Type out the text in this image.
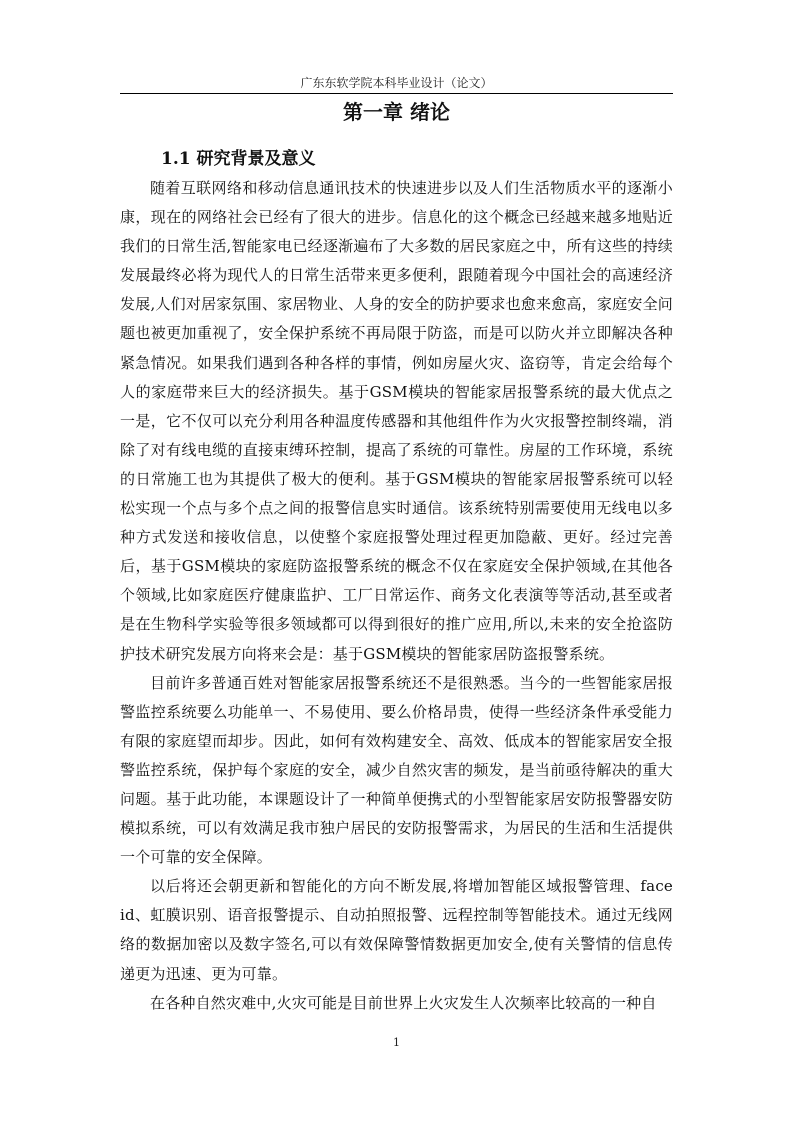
广东东软学院本科毕业设计（论文）
第一章 绪论
1.1 研究背景及意义

随着互联网络和移动信息通讯技术的快速进步以及人们生活物质水平的逐渐小康，现在的网络社会已经有了很大的进步。信息化的这个概念已经越来越多地贴近我们的日常生活,智能家电已经逐渐遍布了大多数的居民家庭之中，所有这些的持续发展最终必将为现代人的日常生活带来更多便利，跟随着现今中国社会的高速经济发展,人们对居家氛围、家居物业、人身的安全的防护要求也愈来愈高，家庭安全问题也被更加重视了，安全保护系统不再局限于防盗，而是可以防火并立即解决各种紧急情况。如果我们遇到各种各样的事情，例如房屋火灾、盗窃等，肯定会给每个人的家庭带来巨大的经济损失。基于GSM模块的智能家居报警系统的最大优点之一是，它不仅可以充分利用各种温度传感器和其他组件作为火灾报警控制终端，消除了对有线电缆的直接束缚环控制，提高了系统的可靠性。房屋的工作环境，系统的日常施工也为其提供了极大的便利。基于GSM模块的智能家居报警系统可以轻松实现一个点与多个点之间的报警信息实时通信。该系统特别需要使用无线电以多种方式发送和接收信息，以使整个家庭报警处理过程更加隐蔽、更好。经过完善后，基于GSM模块的家庭防盗报警系统的概念不仅在家庭安全保护领域,在其他各个领域,比如家庭医疗健康监护、工厂日常运作、商务文化表演等等活动,甚至或者是在生物科学实验等很多领域都可以得到很好的推广应用,所以,未来的安全抢盗防护技术研究发展方向将来会是：基于GSM模块的智能家居防盗报警系统。

目前许多普通百姓对智能家居报警系统还不是很熟悉。当今的一些智能家居报警监控系统要么功能单一、不易使用、要么价格昂贵，使得一些经济条件承受能力有限的家庭望而却步。因此，如何有效构建安全、高效、低成本的智能家居安全报警监控系统，保护每个家庭的安全，减少自然灾害的频发，是当前亟待解决的重大问题。基于此功能，本课题设计了一种简单便携式的小型智能家居安防报警器安防模拟系统，可以有效满足我市独户居民的安防报警需求，为居民的生活和生活提供一个可靠的安全保障。

以后将还会朝更新和智能化的方向不断发展,将增加智能区域报警管理、face id、虹膜识别、语音报警提示、自动拍照报警、远程控制等智能技术。通过无线网络的数据加密以及数字签名,可以有效保障警情数据更加安全,使有关警情的信息传递更为迅速、更为可靠。

在各种自然灾难中,火灾可能是目前世界上火灾发生人次频率比较高的一种自

1
